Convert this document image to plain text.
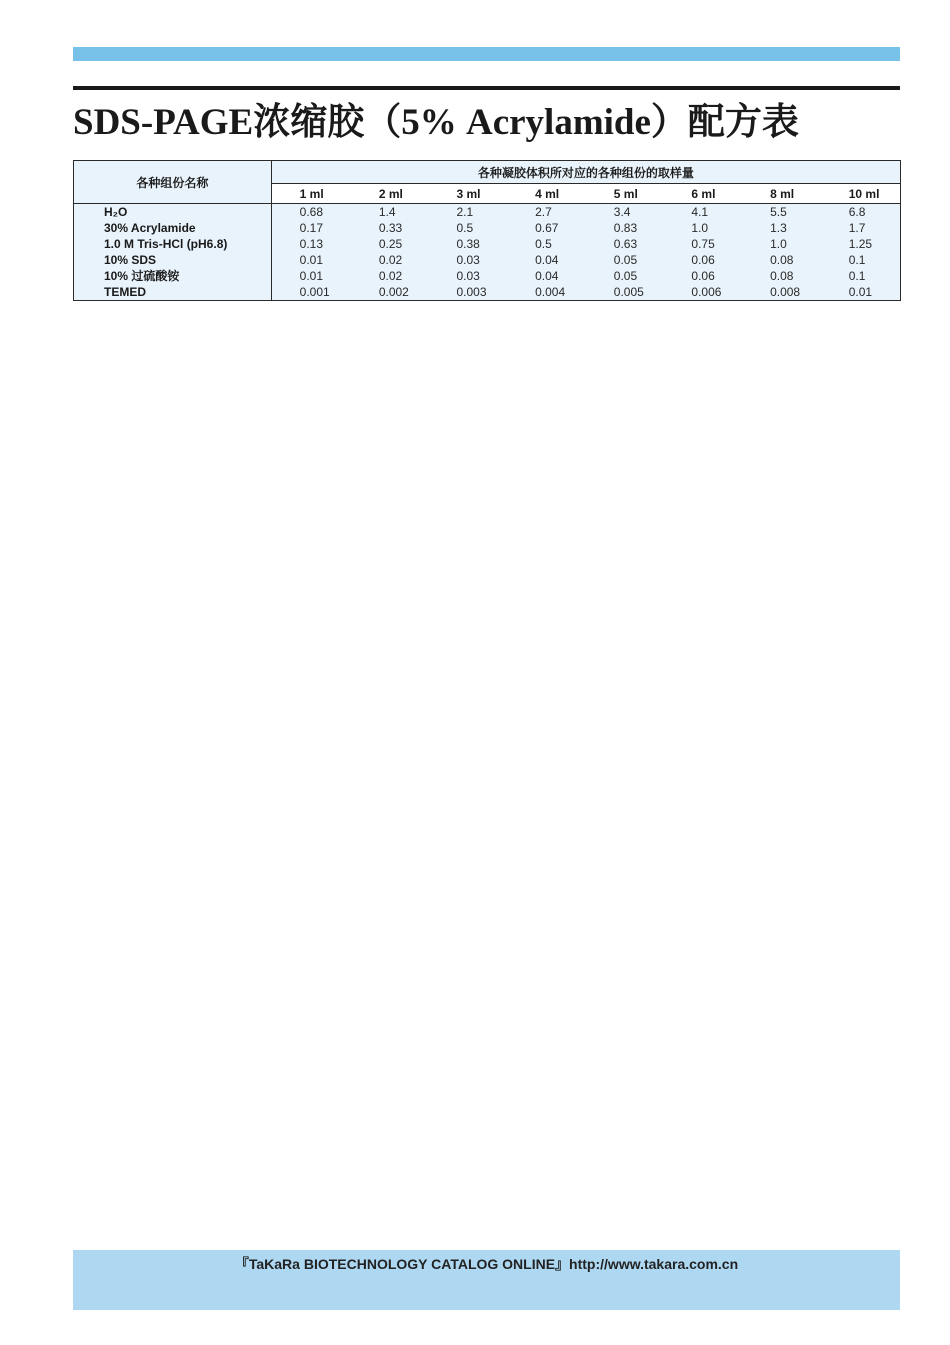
SDS-PAGE浓缩胶（5% Acrylamide）配方表
各种组份名称	各种凝胶体积所对应的各种组份的取样量							
	1 ml	2 ml	3 ml	4 ml	5 ml	6 ml	8 ml	10 ml
H₂O	0.68	1.4	2.1	2.7	3.4	4.1	5.5	6.8
30% Acrylamide	0.17	0.33	0.5	0.67	0.83	1.0	1.3	1.7
1.0 M Tris-HCl (pH6.8)	0.13	0.25	0.38	0.5	0.63	0.75	1.0	1.25
10% SDS	0.01	0.02	0.03	0.04	0.05	0.06	0.08	0.1
10% 过硫酸铵	0.01	0.02	0.03	0.04	0.05	0.06	0.08	0.1
TEMED	0.001	0.002	0.003	0.004	0.005	0.006	0.008	0.01
『TaKaRa BIOTECHNOLOGY CATALOG ONLINE』http://www.takara.com.cn
